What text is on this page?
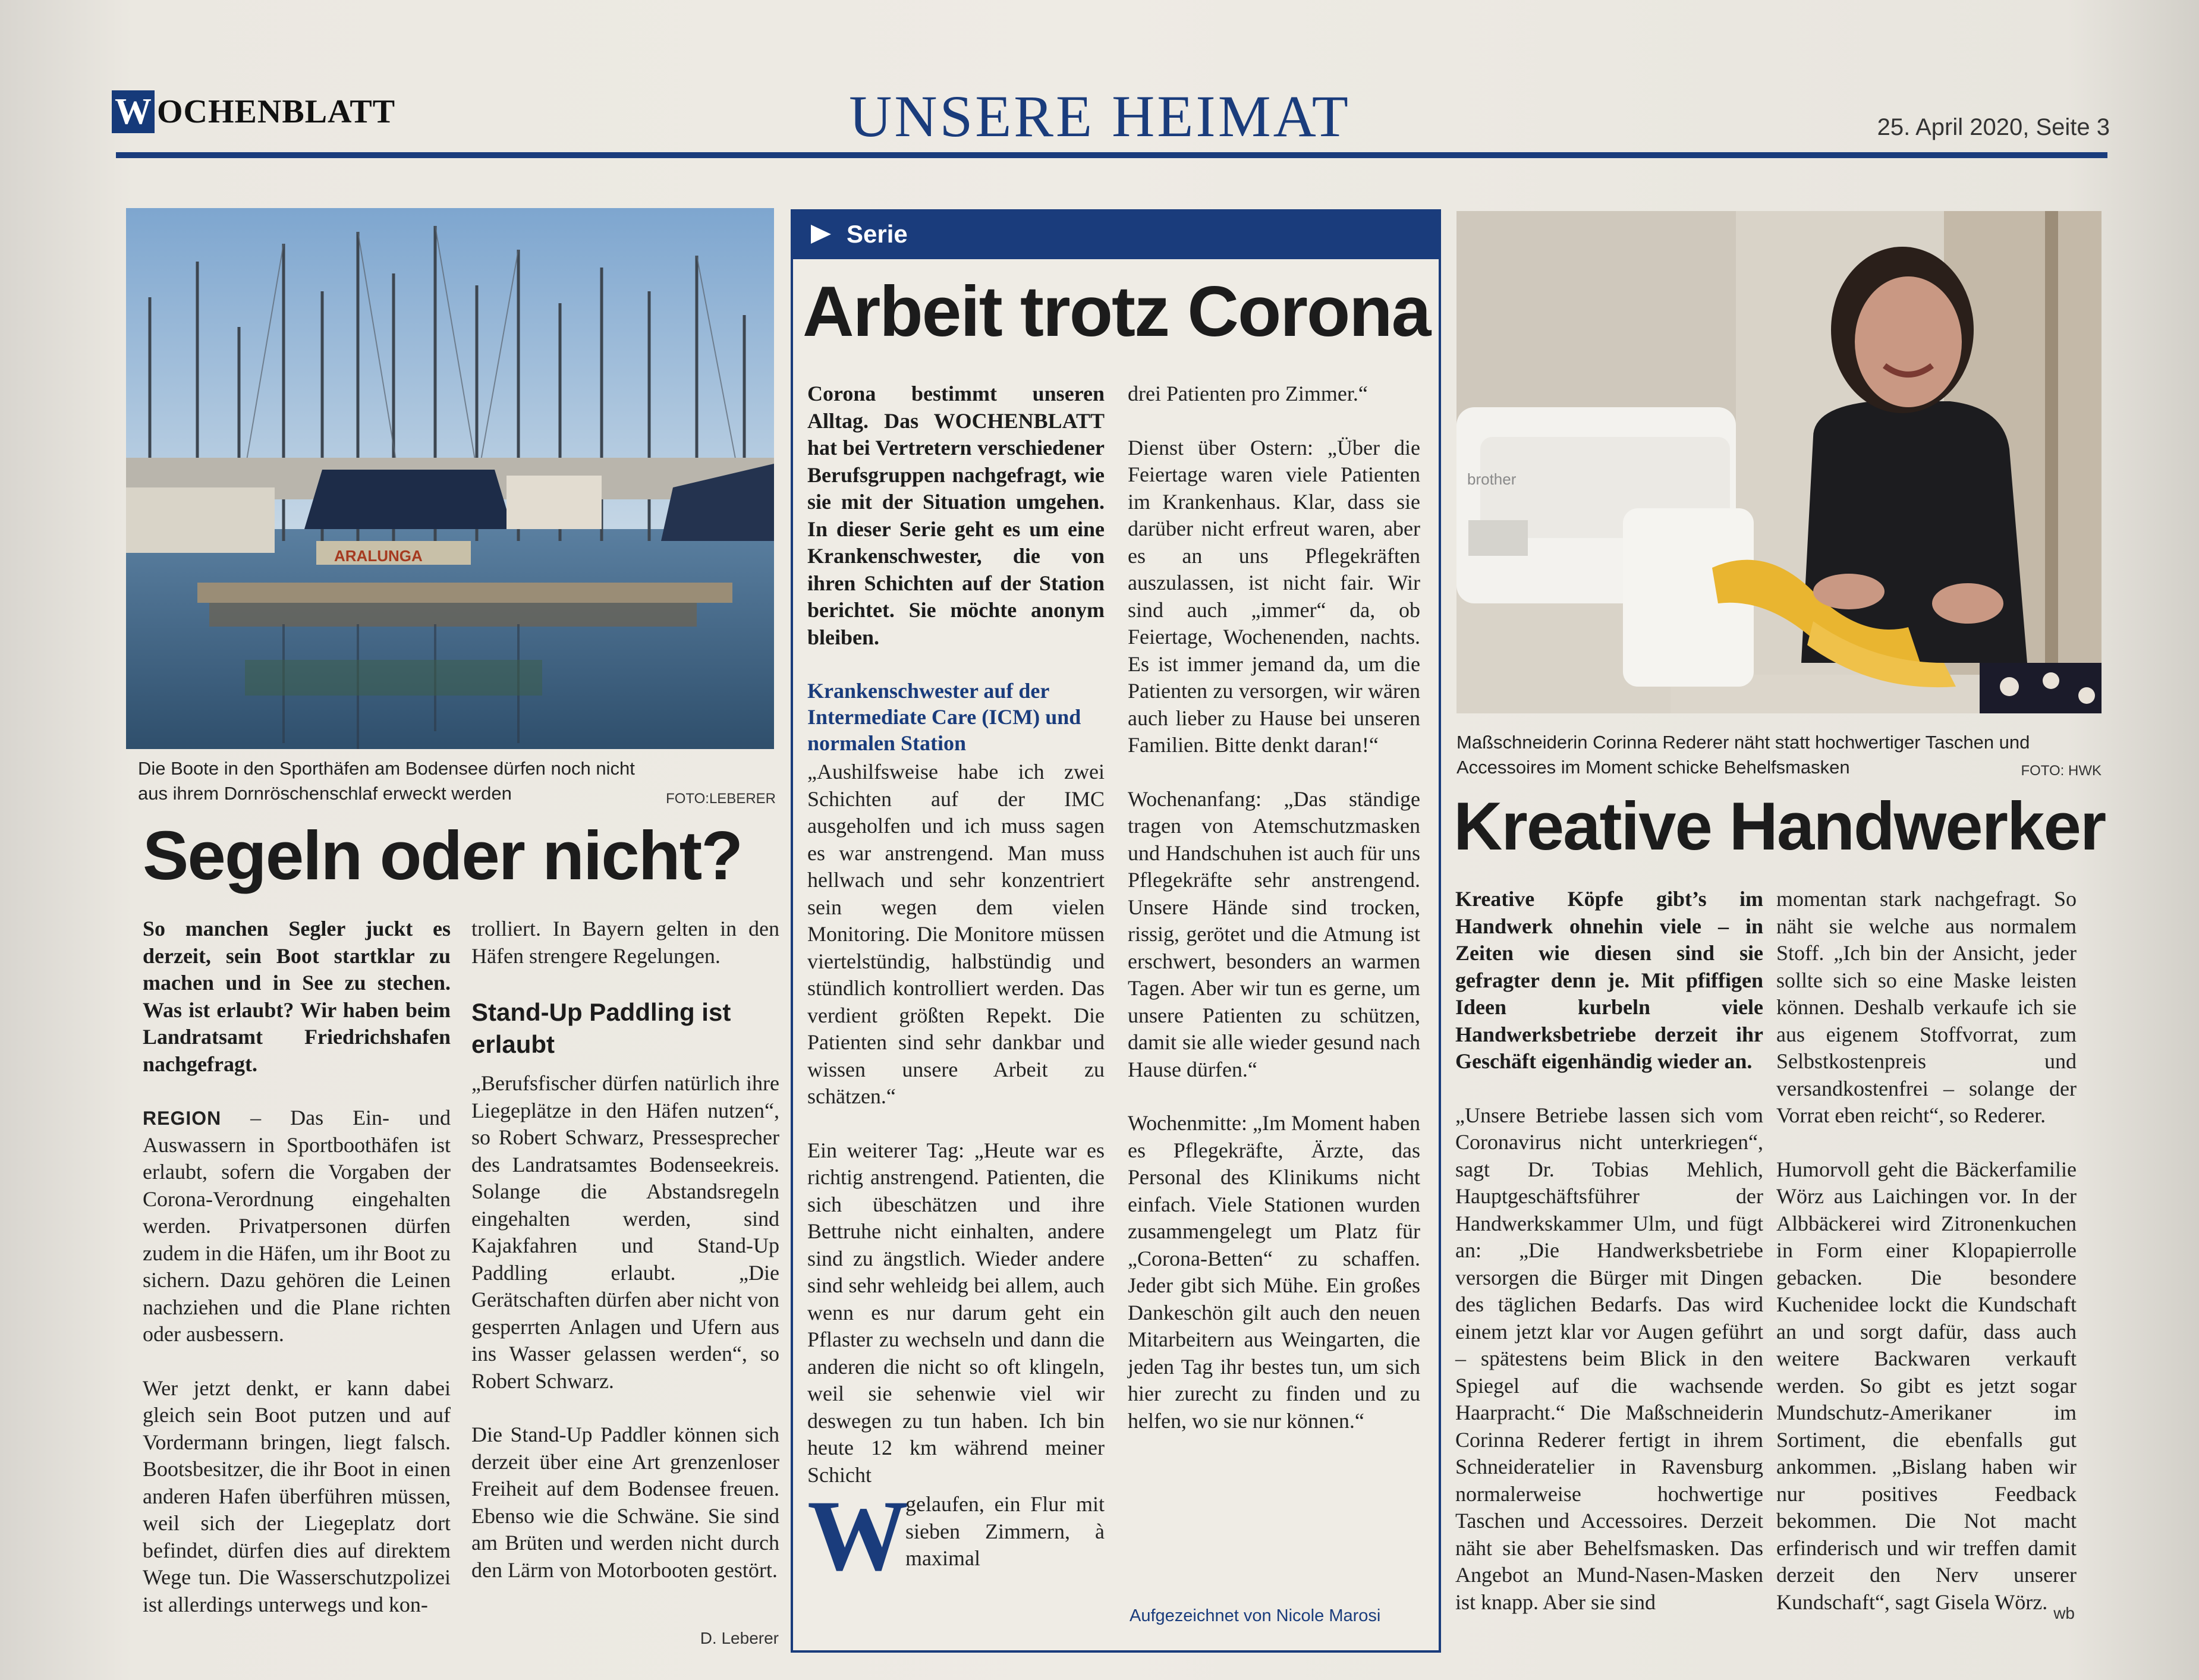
W OCHENBLATT	UNSERE HEIMAT	25. April 2020, Seite 3
ARALUNGA
Die Boote in den Sporthäfen am Bodensee dürfen noch nicht aus ihrem Dornröschenschlaf erweckt werden	FOTO:LEBERER
Segeln oder nicht?
So manchen Segler juckt es derzeit, sein Boot startklar zu machen und in See zu stechen. Was ist erlaubt? Wir haben beim Landratsamt Friedrichshafen nachgefragt.
REGION – Das Ein- und Auswassern in Sportboothäfen ist erlaubt, sofern die Vorgaben der Corona-Verordnung eingehalten werden. Privatpersonen dürfen zudem in die Häfen, um ihr Boot zu sichern. Dazu gehören die Leinen nachziehen und die Plane richten oder ausbessern.
Wer jetzt denkt, er kann dabei gleich sein Boot putzen und auf Vordermann bringen, liegt falsch. Bootsbesitzer, die ihr Boot in einen anderen Hafen überführen müssen, weil sich der Liegeplatz dort befindet, dürfen dies auf direktem Wege tun. Die Wasserschutzpolizei ist allerdings unterwegs und kon-
trolliert. In Bayern gelten in den Häfen strengere Regelungen.
Stand-Up Paddling ist erlaubt
„Berufsfischer dürfen natürlich ihre Liegeplätze in den Häfen nutzen“, so Robert Schwarz, Pressesprecher des Landratsamtes Bodenseekreis. Solange die Abstandsregeln eingehalten werden, sind Kajakfahren und Stand-Up Paddling erlaubt. „Die Gerätschaften dürfen aber nicht von gesperrten Anlagen und Ufern aus ins Wasser gelassen werden“, so Robert Schwarz.
Die Stand-Up Paddler können sich derzeit über eine Art grenzenloser Freiheit auf dem Bodensee freuen. Ebenso wie die Schwäne. Sie sind am Brüten und werden nicht durch den Lärm von Motorbooten gestört.
D. Leberer
Serie
Arbeit trotz Corona
Corona bestimmt unseren Alltag. Das WOCHENBLATT hat bei Vertretern verschiedener Berufsgruppen nachgefragt, wie sie mit der Situation umgehen. In dieser Serie geht es um eine Krankenschwester, die von ihren Schichten auf der Station berichtet. Sie möchte anonym bleiben.
Krankenschwester auf der Intermediate Care (ICM) und normalen Station
„Aushilfsweise habe ich zwei Schichten auf der IMC ausgeholfen und ich muss sagen es war anstrengend. Man muss hellwach und sehr konzentriert sein wegen dem vielen Monitoring. Die Monitore müssen viertelstündig, halbstündig und stündlich kontrolliert werden. Das verdient größten Repekt. Die Patienten sind sehr dankbar und wissen unsere Arbeit zu schätzen.“
Ein weiterer Tag: „Heute war es richtig anstrengend. Patienten, die sich übeschätzen und ihre Bettruhe nicht einhalten, andere sind zu ängstlich. Wieder andere sind sehr wehleidg bei allem, auch wenn es nur darum geht ein Pflaster zu wechseln und dann die anderen die nicht so oft klingeln, weil sie sehenwie viel wir deswegen zu tun haben. Ich bin heute 12 km während meiner Schicht
W
gelaufen, ein Flur mit sieben Zimmern, à maximal
drei Patienten pro Zimmer.“
Dienst über Ostern: „Über die Feiertage waren viele Patienten im Krankenhaus. Klar, dass sie darüber nicht erfreut waren, aber es an uns Pflegekräften auszulassen, ist nicht fair. Wir sind auch „immer“ da, ob Feiertage, Wochenenden, nachts. Es ist immer jemand da, um die Patienten zu versorgen, wir wären auch lieber zu Hause bei unseren Familien. Bitte denkt daran!“
Wochenanfang: „Das ständige tragen von Atemschutzmasken und Handschuhen ist auch für uns Pflegekräfte sehr anstrengend. Unsere Hände sind trocken, rissig, gerötet und die Atmung ist erschwert, besonders an warmen Tagen. Aber wir tun es gerne, um unsere Patienten zu schützen, damit sie alle wieder gesund nach Hause dürfen.“
Wochenmitte: „Im Moment haben es Pflegekräfte, Ärzte, das Personal des Klinikums nicht einfach. Viele Stationen wurden zusammengelegt um Platz für „Corona-Betten“ zu schaffen. Jeder gibt sich Mühe. Ein großes Dankeschön gilt auch den neuen Mitarbeitern aus Weingarten, die jeden Tag ihr bestes tun, um sich hier zurecht zu finden und zu helfen, wo sie nur können.“
Aufgezeichnet von Nicole Marosi
brother
Maßschneiderin Corinna Rederer näht statt hochwertiger Taschen und Accessoires im Moment schicke Behelfsmasken	FOTO: HWK
Kreative Handwerker
Kreative Köpfe gibt’s im Handwerk ohnehin viele – in Zeiten wie diesen sind sie gefragter denn je. Mit pfiffigen Ideen kurbeln viele Handwerksbetriebe derzeit ihr Geschäft eigenhändig wieder an.
„Unsere Betriebe lassen sich vom Coronavirus nicht unterkriegen“, sagt Dr. Tobias Mehlich, Hauptgeschäftsführer der Handwerkskammer Ulm, und fügt an: „Die Handwerksbetriebe versorgen die Bürger mit Dingen des täglichen Bedarfs. Das wird einem jetzt klar vor Augen geführt – spätestens beim Blick in den Spiegel auf die wachsende Haarpracht.“ Die Maßschneiderin Corinna Rederer fertigt in ihrem Schneideratelier in Ravensburg normalerweise hochwertige Taschen und Accessoires. Derzeit näht sie aber Behelfsmasken. Das Angebot an Mund-Nasen-Masken ist knapp. Aber sie sind
momentan stark nachgefragt. So näht sie welche aus normalem Stoff. „Ich bin der Ansicht, jeder sollte sich so eine Maske leisten können. Deshalb verkaufe ich sie aus eigenem Stoffvorrat, zum Selbstkostenpreis und versandkostenfrei – solange der Vorrat eben reicht“, so Rederer.
Humorvoll geht die Bäckerfamilie Wörz aus Laichingen vor. In der Albbäckerei wird Zitronenkuchen in Form einer Klopapierrolle gebacken. Die besondere Kuchenidee lockt die Kundschaft an und sorgt dafür, dass auch weitere Backwaren verkauft werden. So gibt es jetzt sogar Mundschutz-Amerikaner im Sortiment, die ebenfalls gut ankommen. „Bislang haben wir nur positives Feedback bekommen. Die Not macht erfinderisch und wir treffen damit derzeit den Nerv unserer Kundschaft“, sagt Gisela Wörz. wb
